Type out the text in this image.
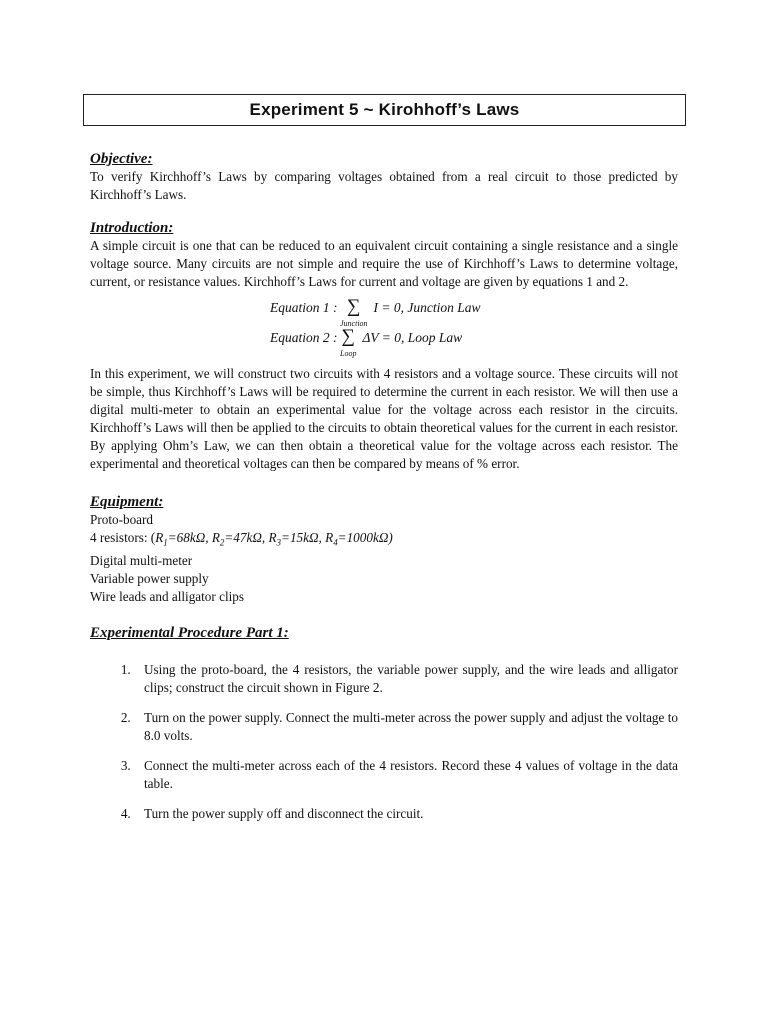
Experiment 5 ~ Kirohhoff’s Laws
Objective:

To verify Kirchhoff’s Laws by comparing voltages obtained from a real circuit to those predicted by Kirchhoff’s Laws.

Introduction:

A simple circuit is one that can be reduced to an equivalent circuit containing a single resistance and a single voltage source. Many circuits are not simple and require the use of Kirchhoff’s Laws to determine voltage, current, or resistance values. Kirchhoff’s Laws for current and voltage are given by equations 1 and 2.

Equation 1 : ∑
Junction
I = 0, Junction Law
Equation 2 : ∑
Loop
ΔV = 0, Loop Law

In this experiment, we will construct two circuits with 4 resistors and a voltage source. These circuits will not be simple, thus Kirchhoff’s Laws will be required to determine the current in each resistor. We will then use a digital multi-meter to obtain an experimental value for the voltage across each resistor in the circuits. Kirchhoff’s Laws will then be applied to the circuits to obtain theoretical values for the current in each resistor. By applying Ohm’s Law, we can then obtain a theoretical value for the voltage across each resistor. The experimental and theoretical voltages can then be compared by means of % error.

Equipment:
Proto-board
4 resistors: ($R_1=68k\Omega$, $R_2=47k\Omega$, $R_3=15k\Omega$, $R_4=1000k\Omega$)
Digital multi-meter
Variable power supply
Wire leads and alligator clips
Experimental Procedure Part 1:
1. Using the proto-board, the 4 resistors, the variable power supply, and the wire leads and alligator clips; construct the circuit shown in Figure 2.
2. Turn on the power supply. Connect the multi-meter across the power supply and adjust the voltage to 8.0 volts.
3. Connect the multi-meter across each of the 4 resistors. Record these 4 values of voltage in the data table.
4. Turn the power supply off and disconnect the circuit.
